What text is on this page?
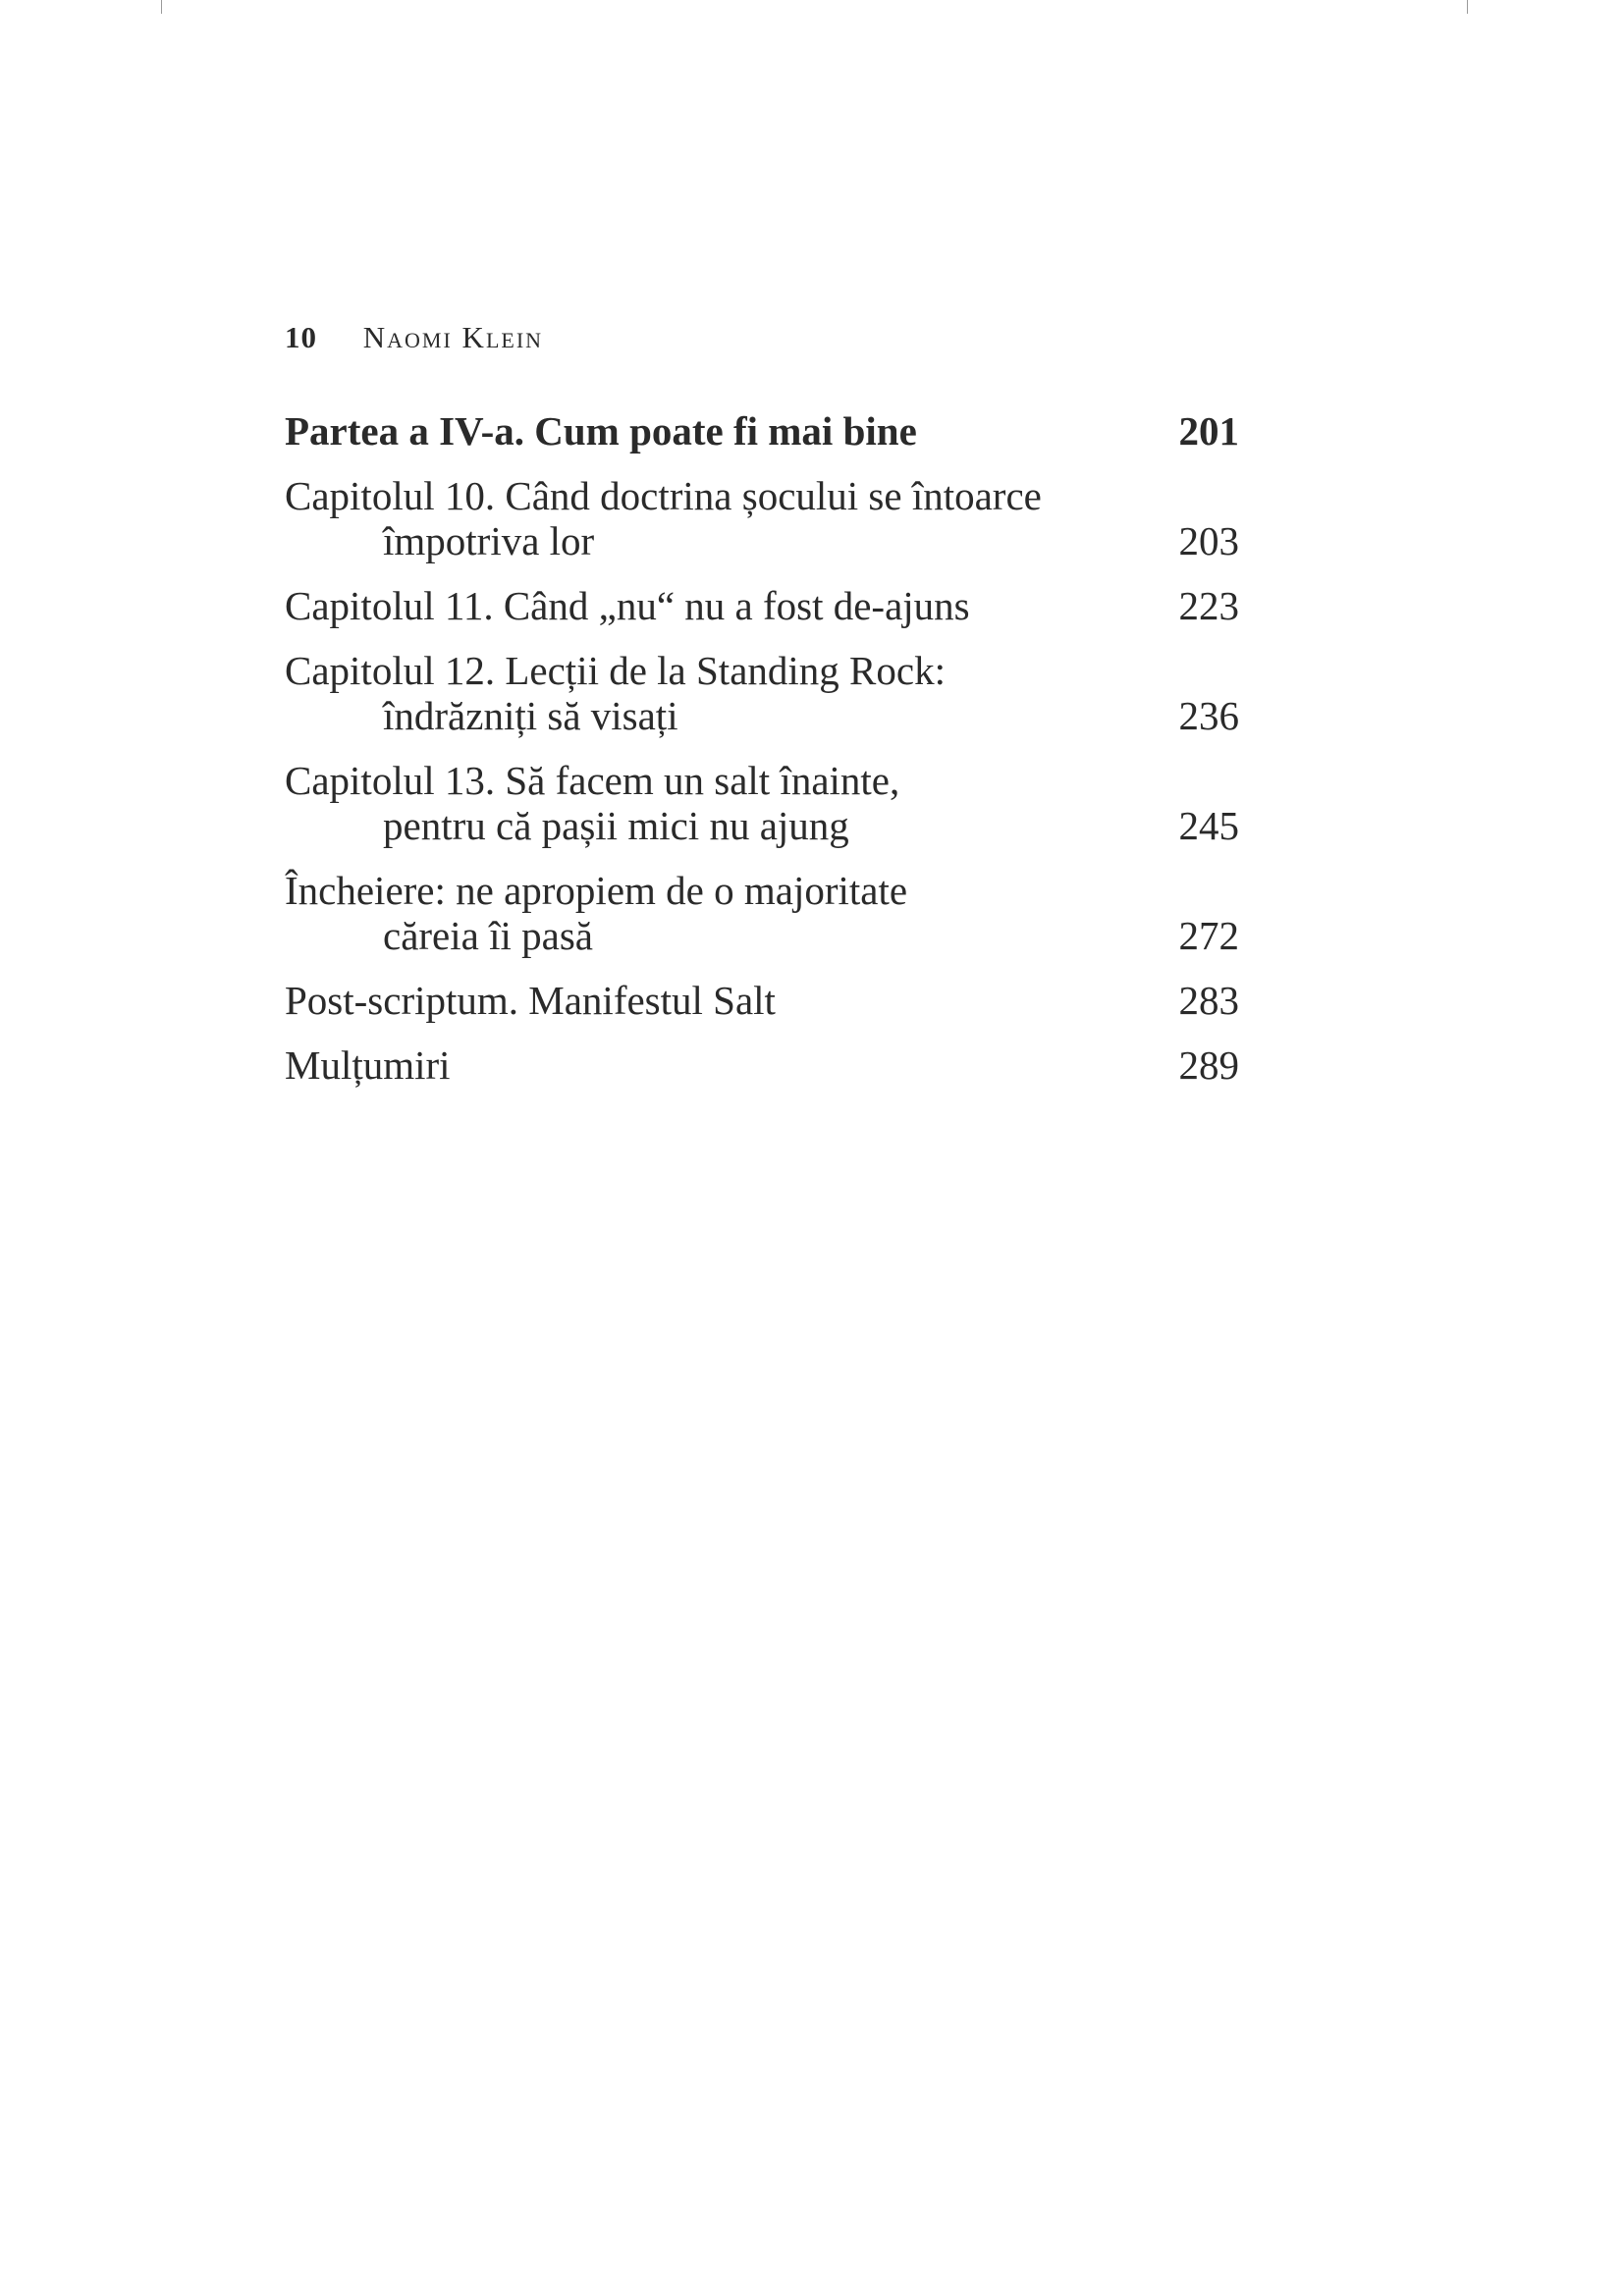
10 Naomi Klein
Partea a IV-a. Cum poate fi mai bine	201
Capitolul 10. Când doctrina șocului se întoarce
împotriva lor	203
Capitolul 11. Când „nu“ nu a fost de-ajuns	223
Capitolul 12. Lecții de la Standing Rock:
îndrăzniți să visați	236
Capitolul 13. Să facem un salt înainte,
pentru că pașii mici nu ajung	245
Încheiere: ne apropiem de o majoritate
căreia îi pasă	272
Post-scriptum. Manifestul Salt	283
Mulțumiri	289
